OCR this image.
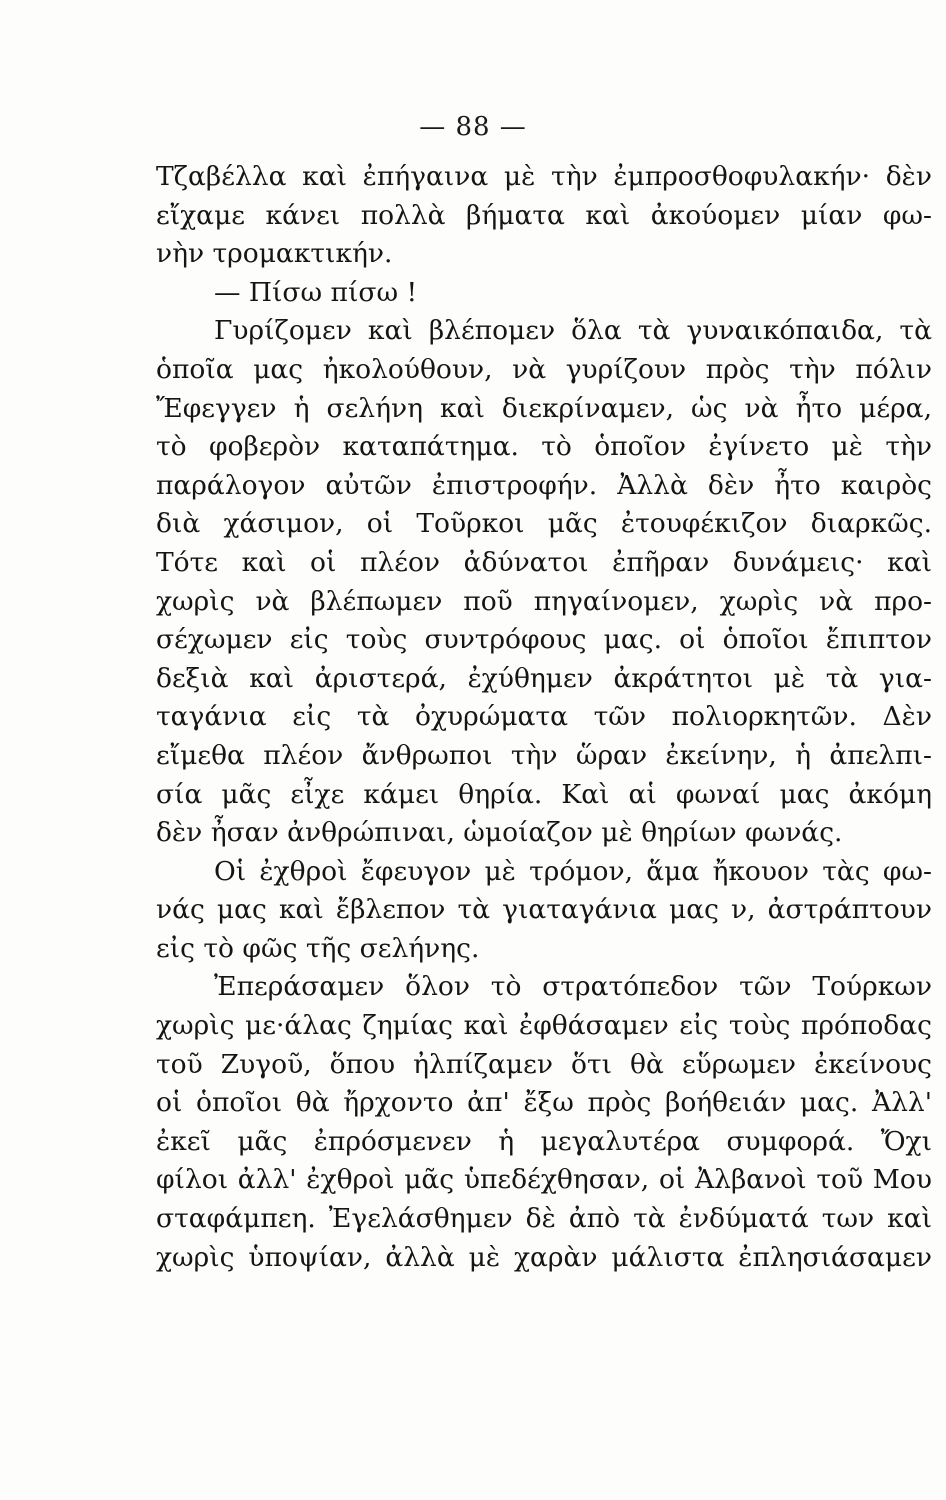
— 88 —
Τζαβέλλα καὶ ἐπήγαινα μὲ τὴν ἐμπροσθοφυλακήν· δὲν
εἴχαμε κάνει πολλὰ βήματα καὶ ἀκούομεν μίαν φω-
νὴν τρομακτικήν.
— Πίσω πίσω !
Γυρίζομεν καὶ βλέπομεν ὅλα τὰ γυναικόπαιδα, τὰ
ὁποῖα μας ἠκολούθουν, νὰ γυρίζουν πρὸς τὴν πόλιν
Ἔφεγγεν ἡ σελήνη καὶ διεκρίναμεν, ὡς νὰ ἦτο μέρα,
τὸ φοβερὸν καταπάτημα. τὸ ὁποῖον ἐγίνετο μὲ τὴν
παράλογον αὐτῶν ἐπιστροφήν. Ἀλλὰ δὲν ἦτο καιρὸς
διὰ χάσιμον, οἱ Τοῦρκοι μᾶς ἐτουφέκιζον διαρκῶς.
Τότε καὶ οἱ πλέον ἀδύνατοι ἐπῆραν δυνάμεις· καὶ
χωρὶς νὰ βλέπωμεν ποῦ πηγαίνομεν, χωρὶς νὰ προ-
σέχωμεν εἰς τοὺς συντρόφους μας. οἱ ὁποῖοι ἔπιπτον
δεξιὰ καὶ ἀριστερά, ἐχύθημεν ἀκράτητοι μὲ τὰ για-
ταγάνια εἰς τὰ ὀχυρώματα τῶν πολιορκητῶν. Δὲν
εἴμεθα πλέον ἄνθρωποι τὴν ὥραν ἐκείνην, ἡ ἀπελπι-
σία μᾶς εἶχε κάμει θηρία. Καὶ αἱ φωναί μας ἀκόμη
δὲν ἦσαν ἀνθρώπιναι, ὡμοίαζον μὲ θηρίων φωνάς.
Οἱ ἐχθροὶ ἔφευγον μὲ τρόμον, ἅμα ἤκουον τὰς φω-
νάς μας καὶ ἔβλεπον τὰ γιαταγάνια μας ν, ἀστράπτουν
εἰς τὸ φῶς τῆς σελήνης.
Ἐπεράσαμεν ὅλον τὸ στρατόπεδον τῶν Τούρκων
χωρὶς με·άλας ζημίας καὶ ἐφθάσαμεν εἰς τοὺς πρόποδας
τοῦ Ζυγοῦ, ὅπου ἠλπίζαμεν ὅτι θὰ εὕρωμεν ἐκείνους
οἱ ὁποῖοι θὰ ἤρχοντο ἀπ' ἔξω πρὸς βοήθειάν μας. Ἀλλ'
ἐκεῖ μᾶς ἐπρόσμενεν ἡ μεγαλυτέρα συμφορά. Ὄχι
φίλοι ἀλλ' ἐχθροὶ μᾶς ὑπεδέχθησαν, οἱ Ἀλβανοὶ τοῦ Μου
σταφάμπεη. Ἐγελάσθημεν δὲ ἀπὸ τὰ ἐνδύματά των καὶ
χωρὶς ὑποψίαν, ἀλλὰ μὲ χαρὰν μάλιστα ἐπλησιάσαμεν
